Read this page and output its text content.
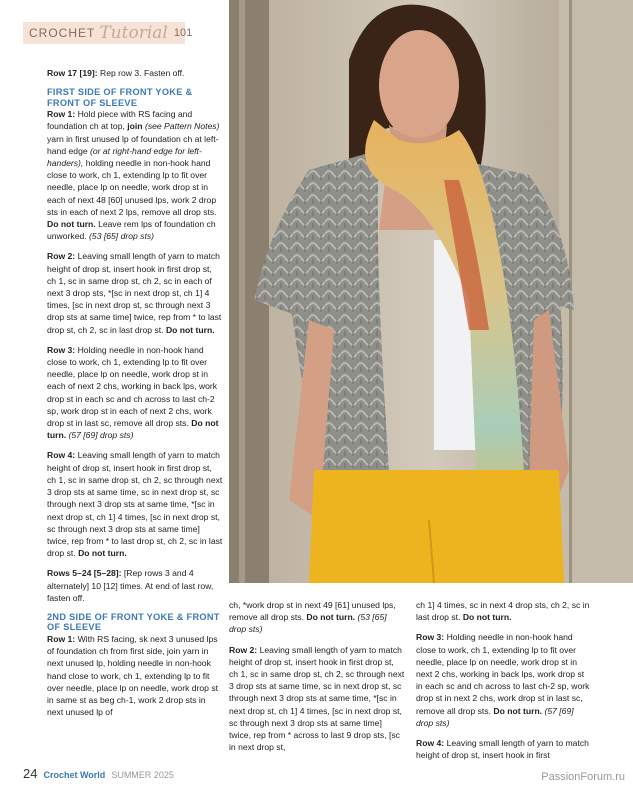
CROCHET Tutorial 101

Row 17 [19]: Rep row 3. Fasten off.

FIRST SIDE OF FRONT YOKE & FRONT OF SLEEVE

Row 1: Hold piece with RS facing and foundation ch at top, join (see Pattern Notes) yarn in first unused lp of foundation ch at left-hand edge (or at right-hand edge for left-handers), holding needle in non-hook hand close to work, ch 1, extending lp to fit over needle, place lp on needle, work drop st in each of next 48 [60] unused lps, work 2 drop sts in each of next 2 lps, remove all drop sts. Do not turn. Leave rem lps of foundation ch unworked. (53 [65] drop sts)

Row 2: Leaving small length of yarn to match height of drop st, insert hook in first drop st, ch 1, sc in same drop st, ch 2, sc in each of next 3 drop sts, *[sc in next drop st, ch 1] 4 times, [sc in next drop st, sc through next 3 drop sts at same time] twice, rep from * to last drop st, ch 2, sc in last drop st. Do not turn.

Row 3: Holding needle in non-hook hand close to work, ch 1, extending lp to fit over needle, place lp on needle, work drop st in each of next 2 chs, working in back lps, work drop st in each sc and ch across to last ch-2 sp, work drop st in each of next 2 chs, work drop st in last sc, remove all drop sts. Do not turn. (57 [69] drop sts)

Row 4: Leaving small length of yarn to match height of drop st, insert hook in first drop st, ch 1, sc in same drop st, ch 2, sc through next 3 drop sts at same time, sc in next drop st, sc through next 3 drop sts at same time, *[sc in next drop st, ch 1] 4 times, [sc in next drop st, sc through next 3 drop sts at same time] twice, rep from * to last drop st, ch 2, sc in last drop st. Do not turn.

Rows 5–24 [5–28]: [Rep rows 3 and 4 alternately] 10 [12] times. At end of last row, fasten off.

2ND SIDE OF FRONT YOKE & FRONT OF SLEEVE

Row 1: With RS facing, sk next 3 unused lps of foundation ch from first side, join yarn in next unused lp, holding needle in non-hook hand close to work, ch 1, extending lp to fit over needle, place lp on needle, work drop st in same st as beg ch-1, work 2 drop sts in next unused lp of

ch, *work drop st in next 49 [61] unused lps, remove all drop sts. Do not turn. (53 [65] drop sts)

Row 2: Leaving small length of yarn to match height of drop st, insert hook in first drop st, ch 1, sc in same drop st, ch 2, sc through next 3 drop sts at same time, sc in next drop st, sc through next 3 drop sts at same time, *[sc in next drop st, ch 1] 4 times, [sc in next drop st, sc through next 3 drop sts at same time] twice, rep from * across to last 9 drop sts, [sc in next drop st,

ch 1] 4 times, sc in next 4 drop sts, ch 2, sc in last drop st. Do not turn.

Row 3: Holding needle in non-hook hand close to work, ch 1, extending lp to fit over needle, place lp on needle, work drop st in next 2 chs, working in back lps, work drop st in each sc and ch across to last ch-2 sp, work drop st in next 2 chs, work drop st in last sc, remove all drop sts. Do not turn. (57 [69] drop sts)

Row 4: Leaving small length of yarn to match height of drop st, insert hook in first

24 Crochet World SUMMER 2025	PassionForum.ru
